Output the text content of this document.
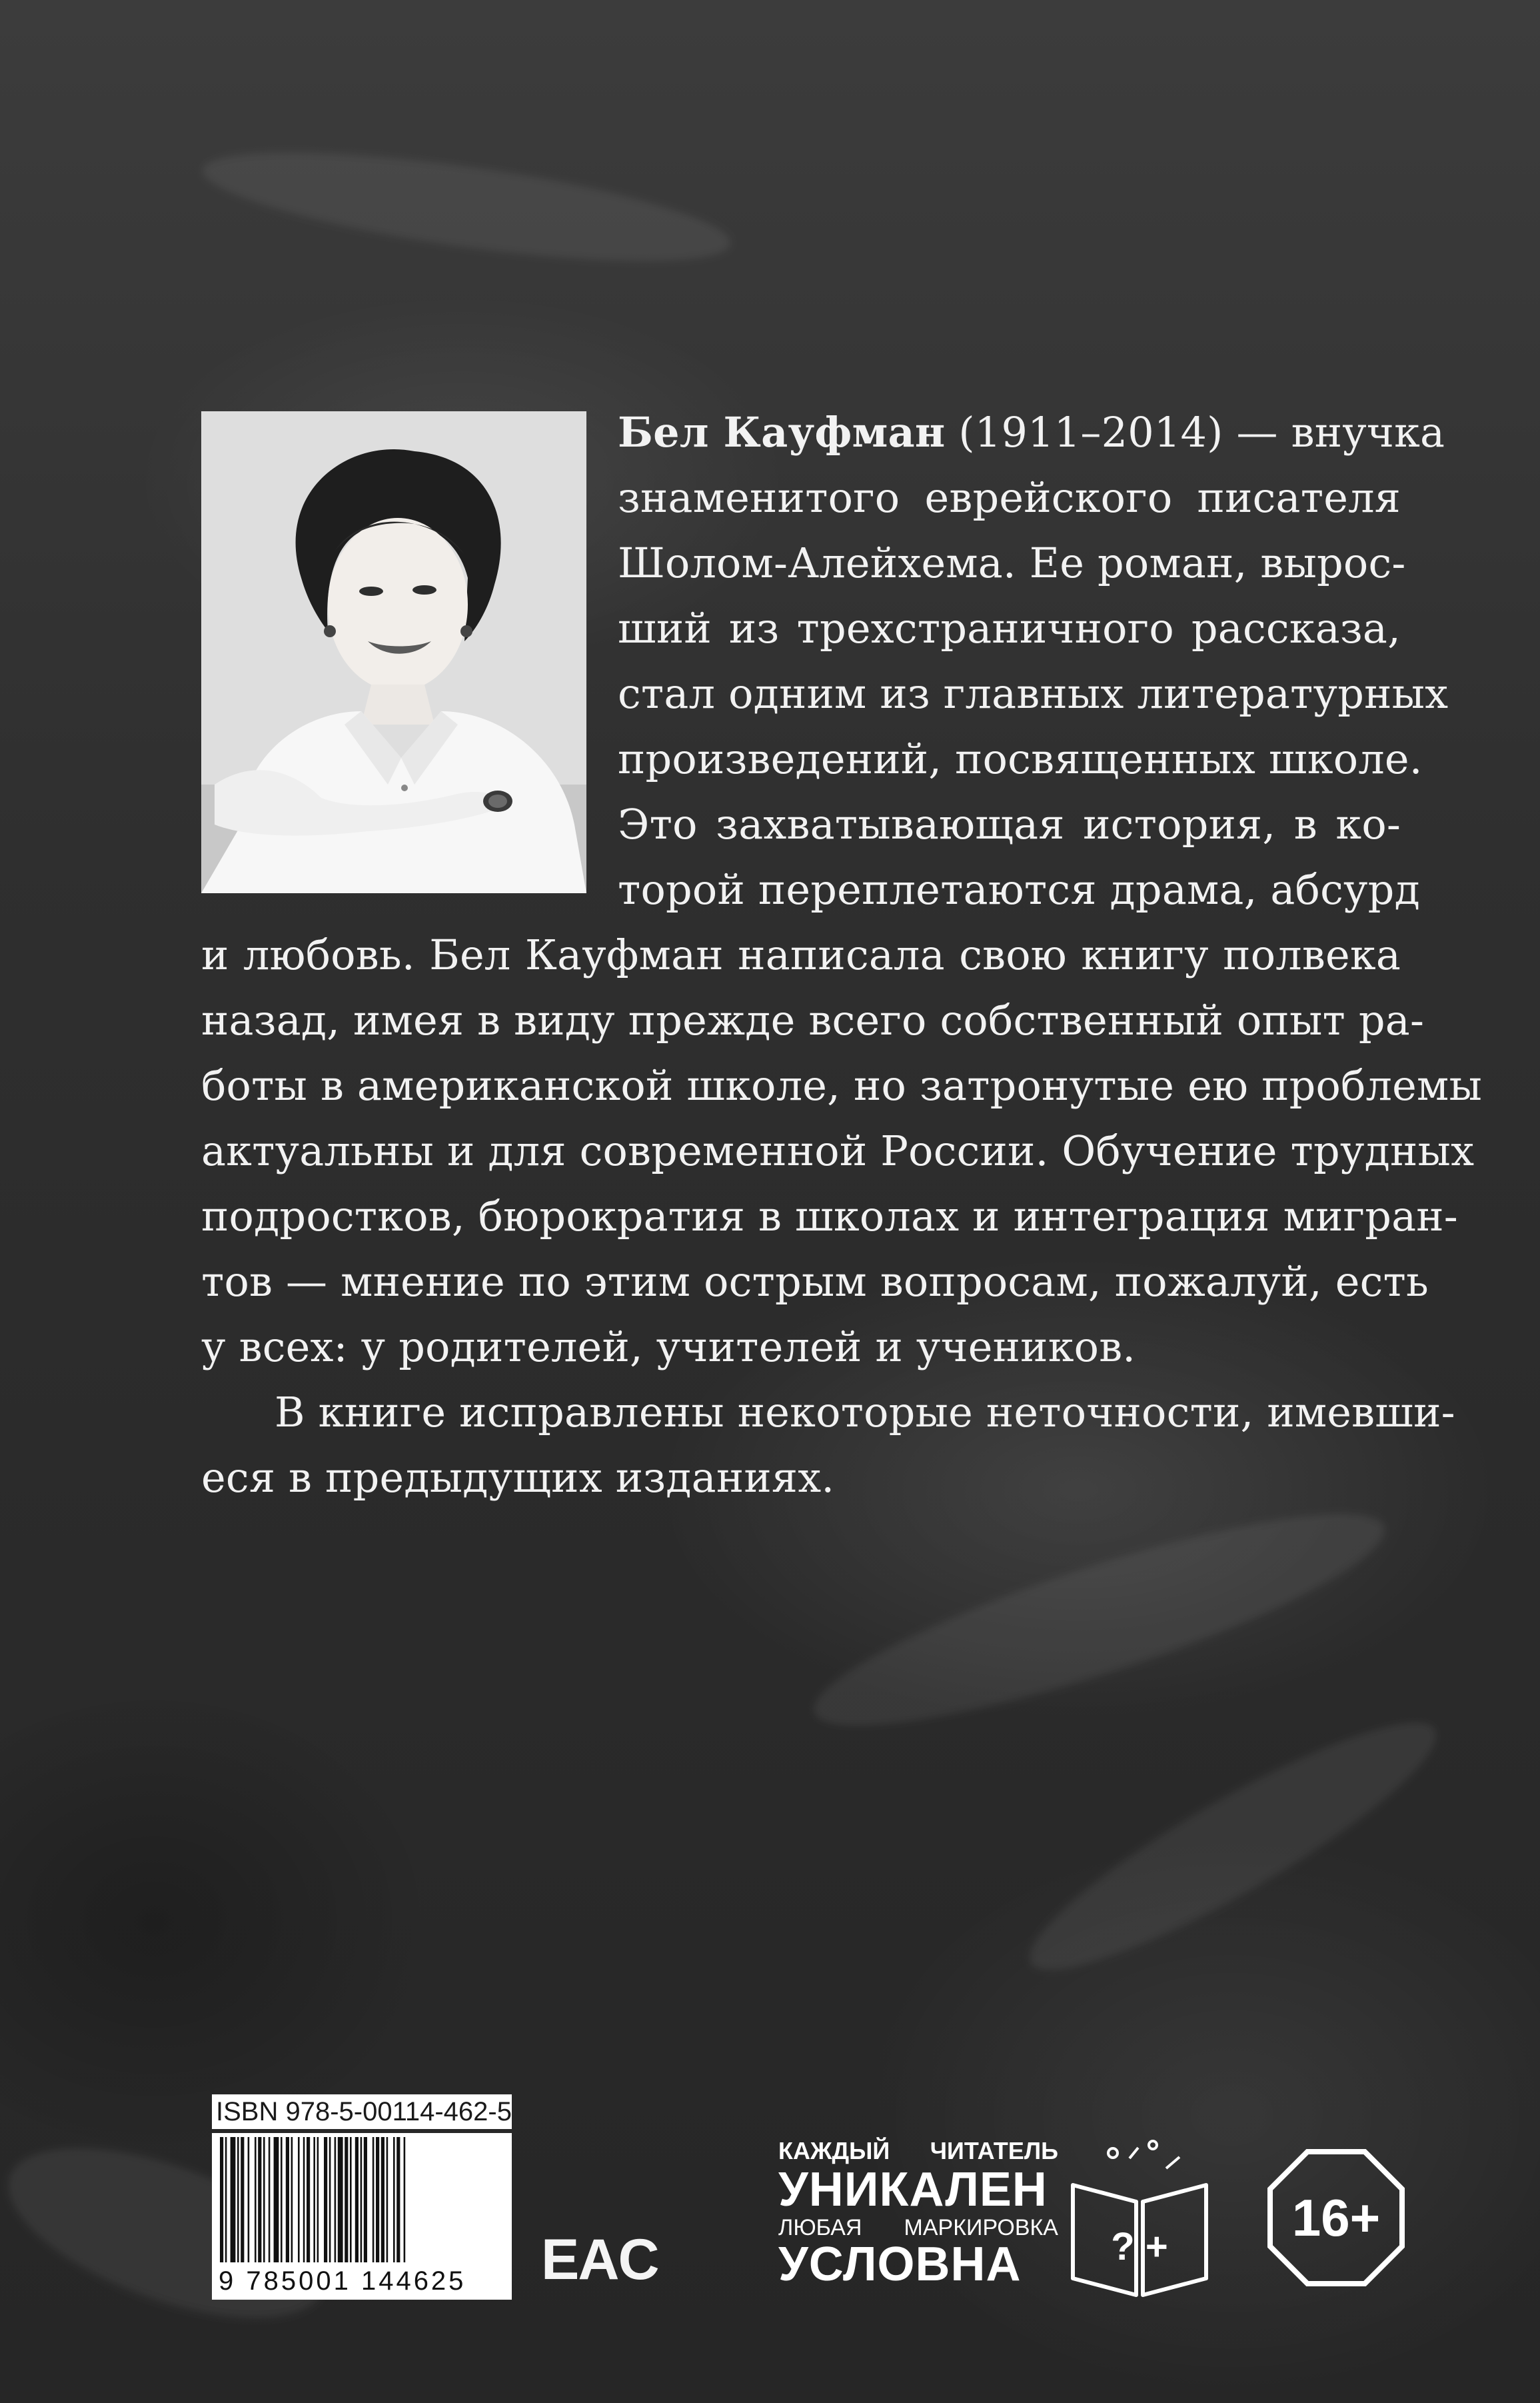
Бел Кауфман (1911–2014) — внучка
знаменитого еврейского писателя
Шолом-Алейхема. Ее роман, вырос-
ший из трехстраничного рассказа,
стал одним из главных литературных
произведений, посвященных школе.
Это захватывающая история, в ко-
торой переплетаются драма, абсурд
и любовь. Бел Кауфман написала свою книгу полвека
назад, имея в виду прежде всего собственный опыт ра-
боты в американской школе, но затронутые ею проблемы
актуальны и для современной России. Обучение трудных
подростков, бюрократия в школах и интеграция мигран-
тов — мнение по этим острым вопросам, пожалуй, есть
у всех: у родителей, учителей и учеников.
В книге исправлены некоторые неточности, имевши-
еся в предыдущих изданиях.
ISBN 978-5-00114-462-5
9 785001 144625	EAC
КАЖДЫЙ ЧИТАТЕЛЬ
УНИКАЛЕН
ЛЮБАЯ МАРКИРОВКА
УСЛОВНА	? +	16+
